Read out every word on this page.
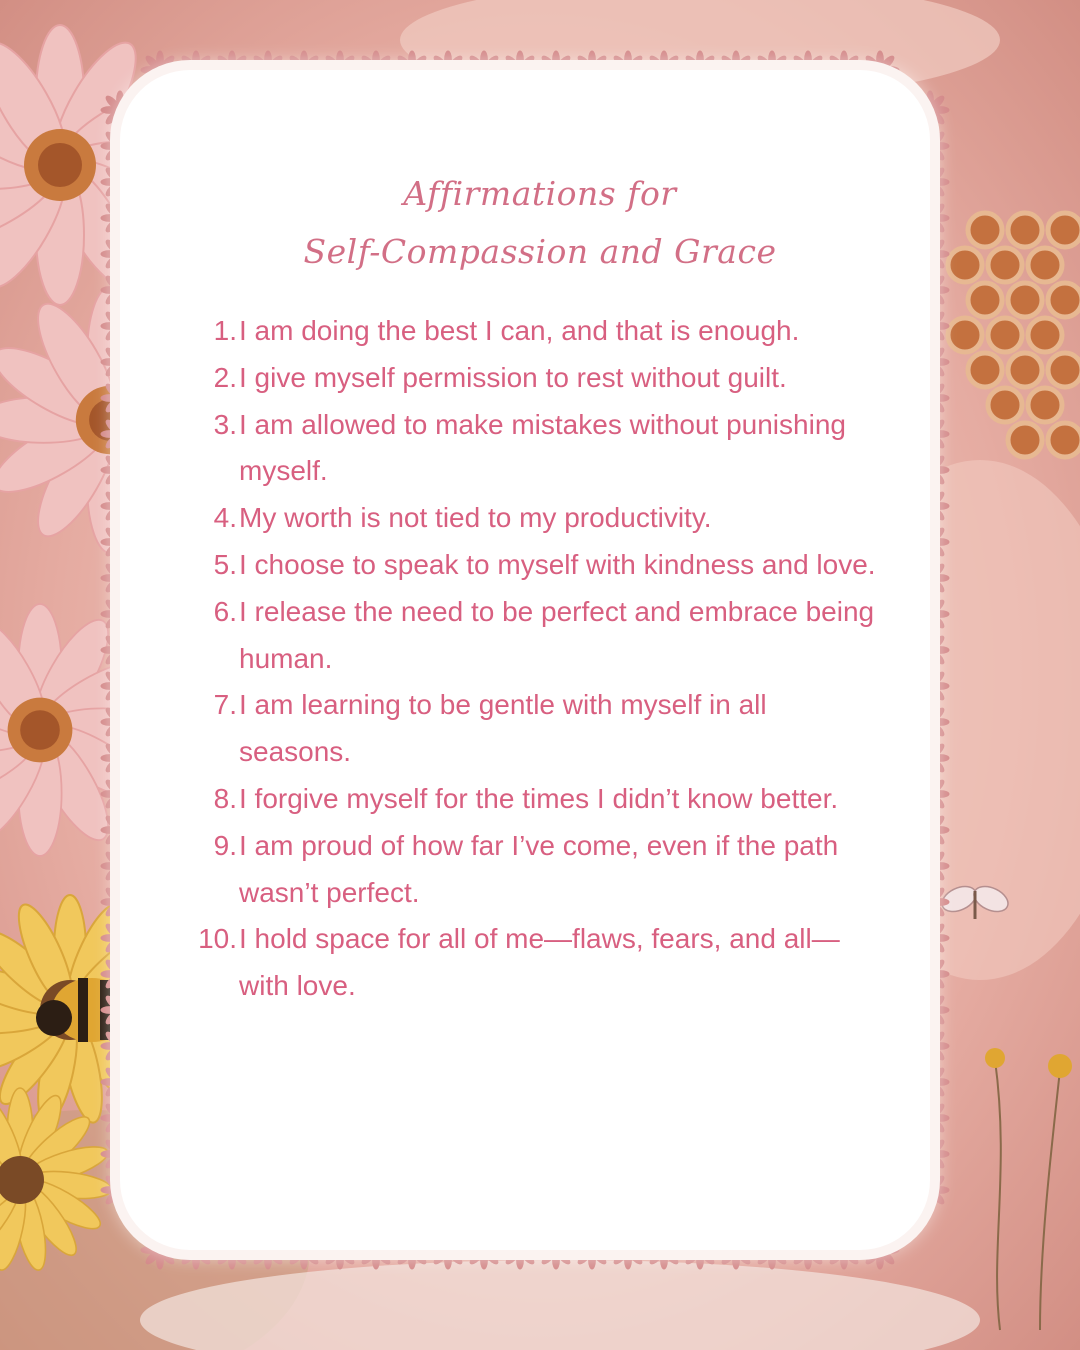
Affirmations for
Self-Compassion and Grace
1. I am doing the best I can, and that is enough.
2. I give myself permission to rest without guilt.
3. I am allowed to make mistakes without punishing myself.
4. My worth is not tied to my productivity.
5. I choose to speak to myself with kindness and love.
6. I release the need to be perfect and embrace being human.
7. I am learning to be gentle with myself in all seasons.
8. I forgive myself for the times I didn’t know better.
9. I am proud of how far I’ve come, even if the path wasn’t perfect.
10. I hold space for all of me—flaws, fears, and all—with love.
